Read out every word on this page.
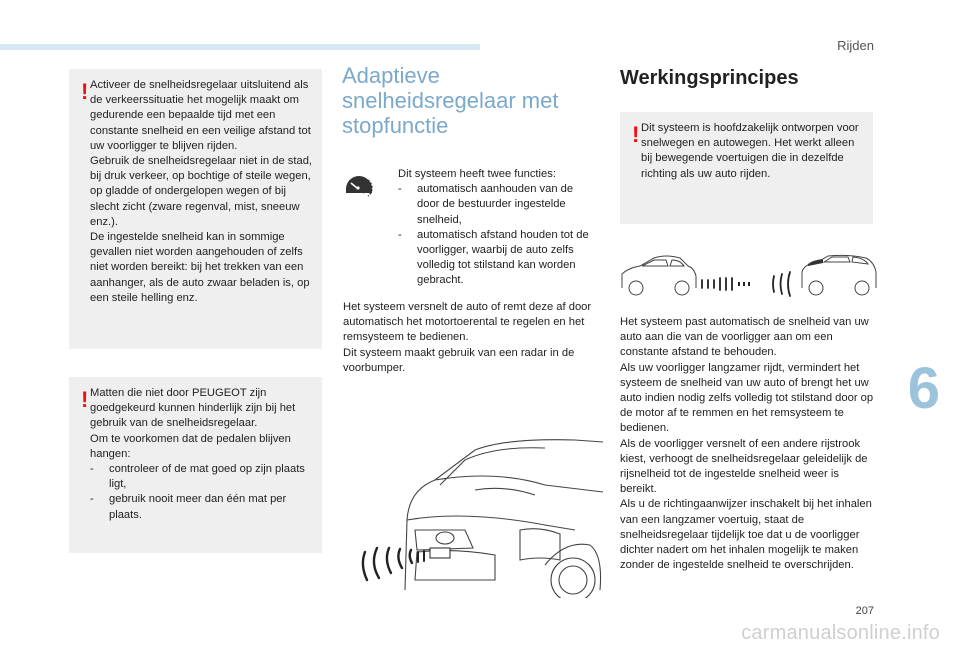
Rijden
6
207
carmanualsonline.info
! Activeer de snelheidsregelaar uitsluitend als de verkeerssituatie het mogelijk maakt om gedurende een bepaalde tijd met een constante snelheid en een veilige afstand tot uw voorligger te blijven rijden.

Gebruik de snelheidsregelaar niet in de stad, bij druk verkeer, op bochtige of steile wegen, op gladde of ondergelopen wegen of bij slecht zicht (zware regenval, mist, sneeuw enz.).

De ingestelde snelheid kan in sommige gevallen niet worden aangehouden of zelfs niet worden bereikt: bij het trekken van een aanhanger, als de auto zwaar beladen is, op een steile helling enz.

! Matten die niet door PEUGEOT zijn goedgekeurd kunnen hinderlijk zijn bij het gebruik van de snelheidsregelaar.

Om te voorkomen dat de pedalen blijven hangen:

-	controleer of de mat goed op zijn plaats ligt,
-	gebruik nooit meer dan één mat per plaats.
Adaptieve snelheidsregelaar met stopfunctie

Dit systeem heeft twee functies:

-	automatisch aanhouden van de door de bestuurder ingestelde snelheid,
-	automatisch afstand houden tot de voorligger, waarbij de auto zelfs volledig tot stilstand kan worden gebracht.

Het systeem versnelt de auto of remt deze af door automatisch het motortoerental te regelen en het remsysteem te bedienen.

Dit systeem maakt gebruik van een radar in de voorbumper.

Werkingsprincipes
! Dit systeem is hoofdzakelijk ontworpen voor snelwegen en autowegen. Het werkt alleen bij bewegende voertuigen die in dezelfde richting als uw auto rijden.

Het systeem past automatisch de snelheid van uw auto aan die van de voorligger aan om een constante afstand te behouden.

Als uw voorligger langzamer rijdt, vermindert het systeem de snelheid van uw auto of brengt het uw auto indien nodig zelfs volledig tot stilstand door op de motor af te remmen en het remsysteem te bedienen.

Als de voorligger versnelt of een andere rijstrook kiest, verhoogt de snelheidsregelaar geleidelijk de rijsnelheid tot de ingestelde snelheid weer is bereikt.

Als u de richtingaanwijzer inschakelt bij het inhalen van een langzamer voertuig, staat de snelheidsregelaar tijdelijk toe dat u de voorligger dichter nadert om het inhalen mogelijk te maken zonder de ingestelde snelheid te overschrijden.
